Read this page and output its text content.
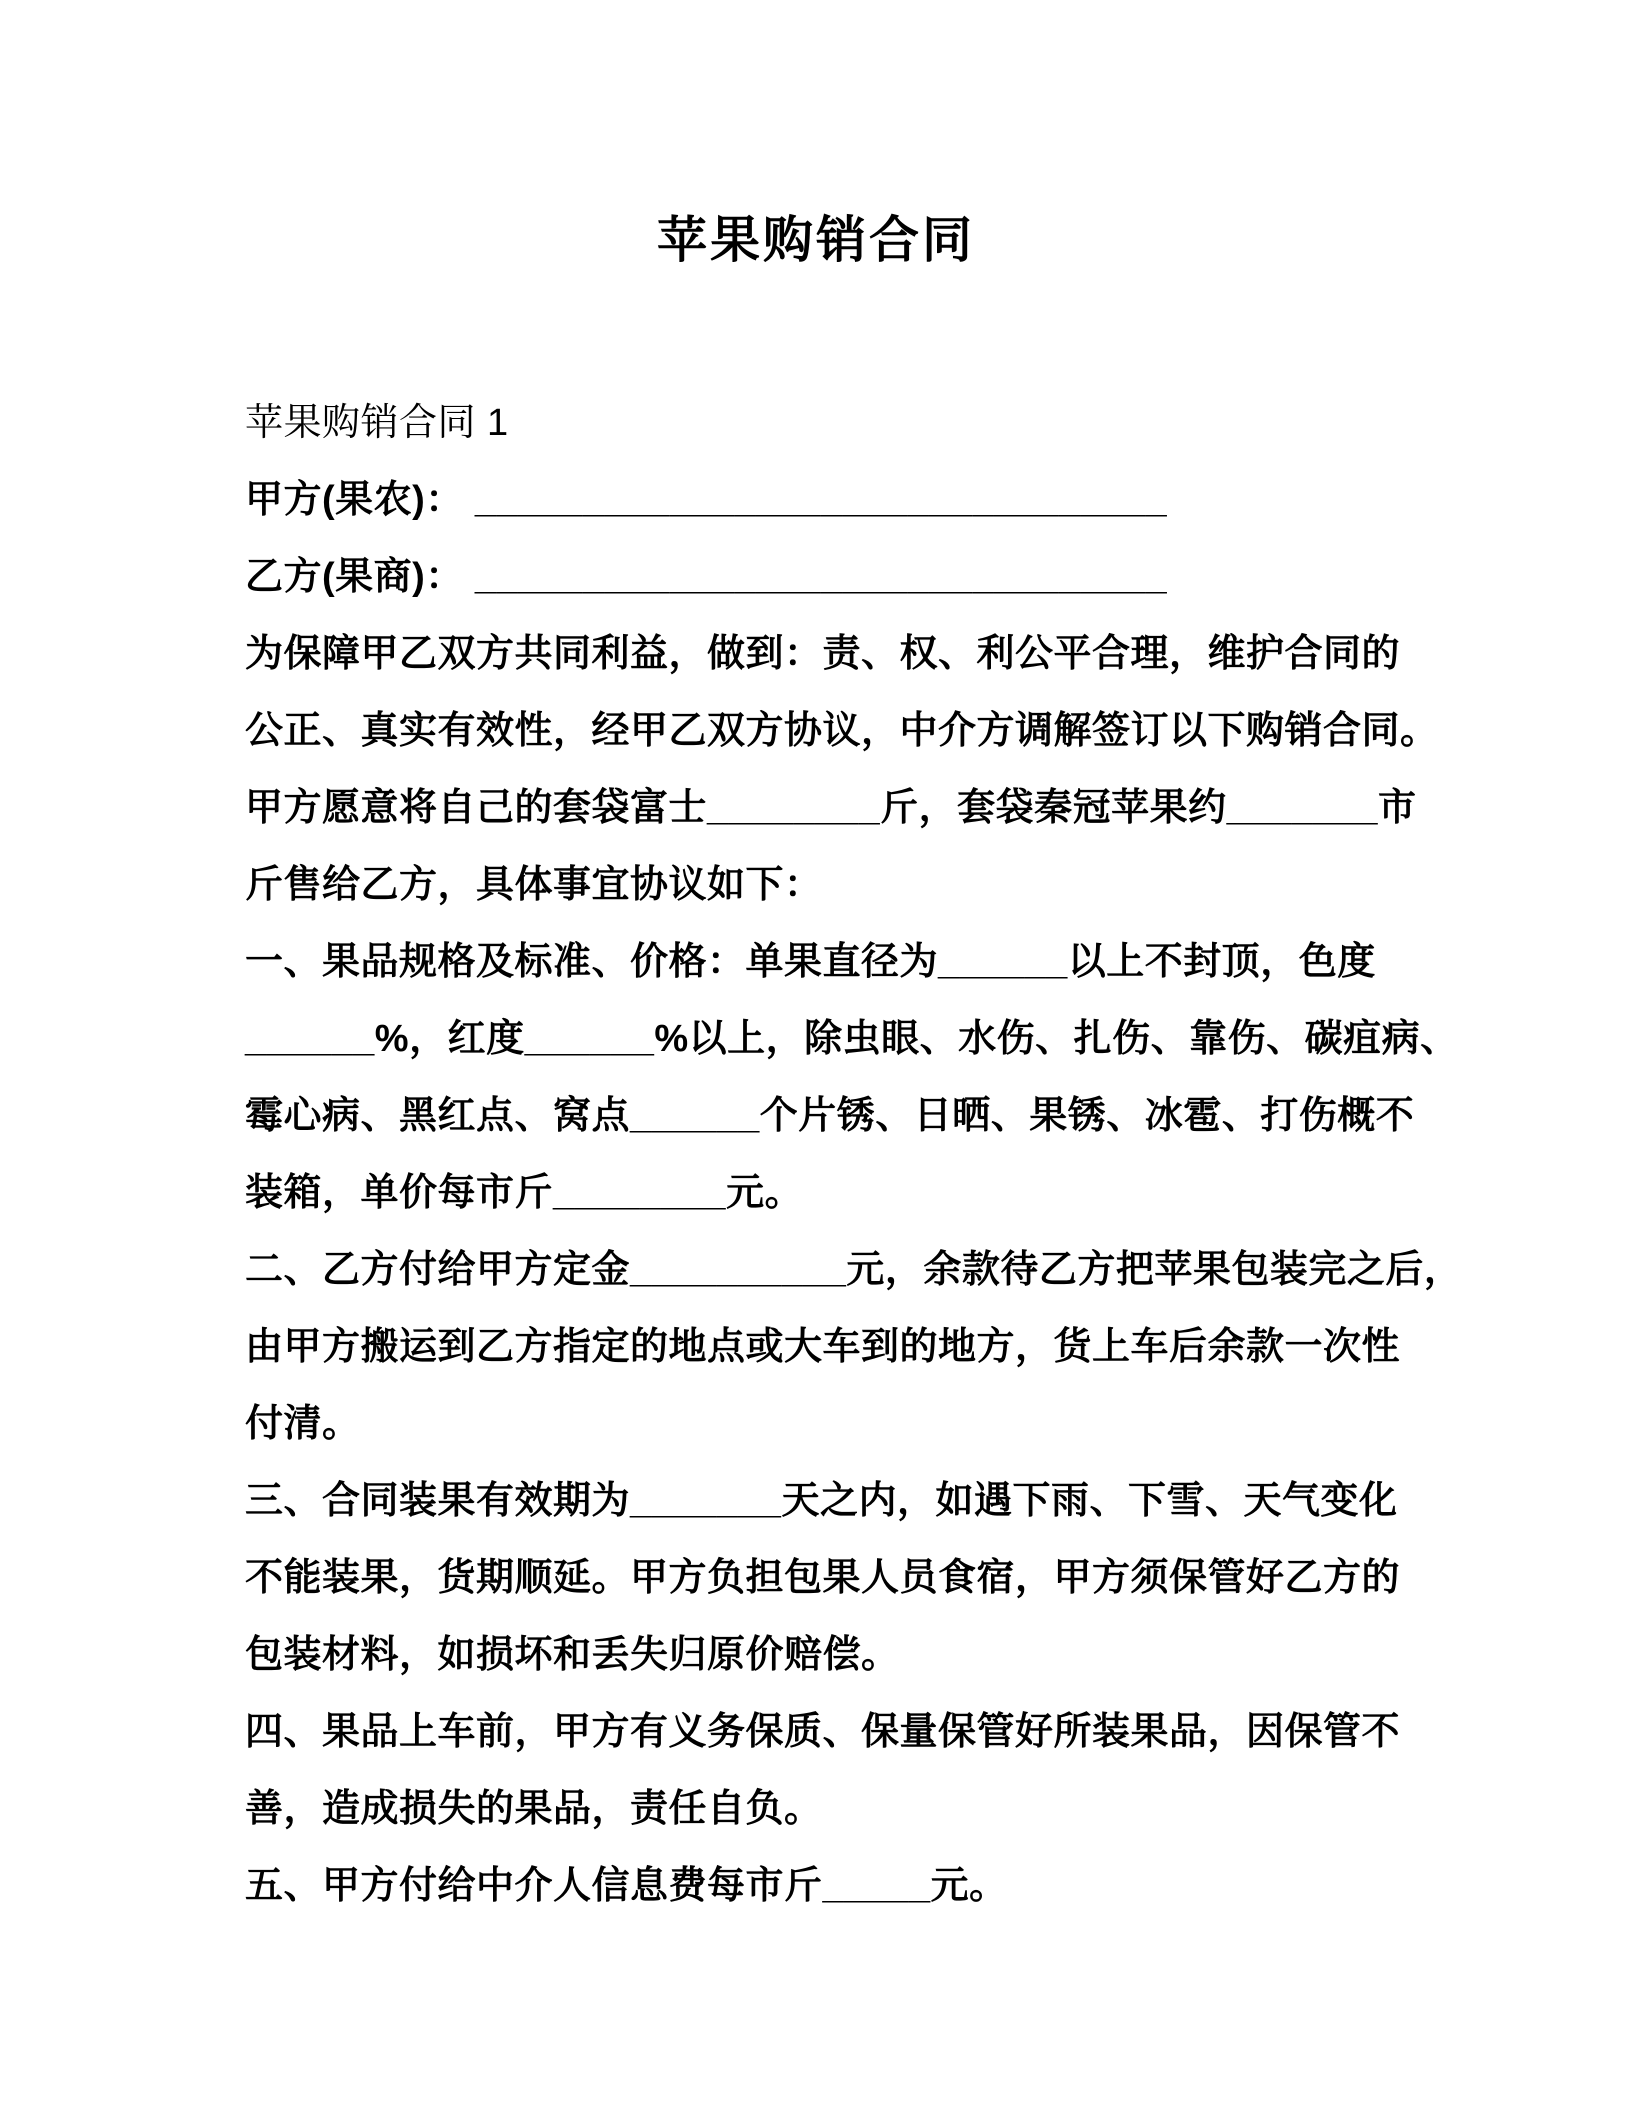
苹果购销合同
苹果购销合同 1
甲方(果农)： ________________________________
乙方(果商)： ________________________________
为保障甲乙双方共同利益，做到：责、权、利公平合理，维护合同的
公正、真实有效性，经甲乙双方协议，中介方调解签订以下购销合同。
甲方愿意将自己的套袋富士________斤，套袋秦冠苹果约_______市
斤售给乙方，具体事宜协议如下：
一、果品规格及标准、价格：单果直径为______以上不封顶，色度
______%，红度______%以上，除虫眼、水伤、扎伤、靠伤、碳疽病、
霉心病、黑红点、窝点______个片锈、日晒、果锈、冰雹、打伤概不
装箱，单价每市斤________元。
二、乙方付给甲方定金__________元，余款待乙方把苹果包装完之后，
由甲方搬运到乙方指定的地点或大车到的地方，货上车后余款一次性
付清。
三、合同装果有效期为_______天之内，如遇下雨、下雪、天气变化
不能装果，货期顺延。甲方负担包果人员食宿，甲方须保管好乙方的
包装材料，如损坏和丢失归原价赔偿。
四、果品上车前，甲方有义务保质、保量保管好所装果品，因保管不
善，造成损失的果品，责任自负。
五、甲方付给中介人信息费每市斤_____元。
